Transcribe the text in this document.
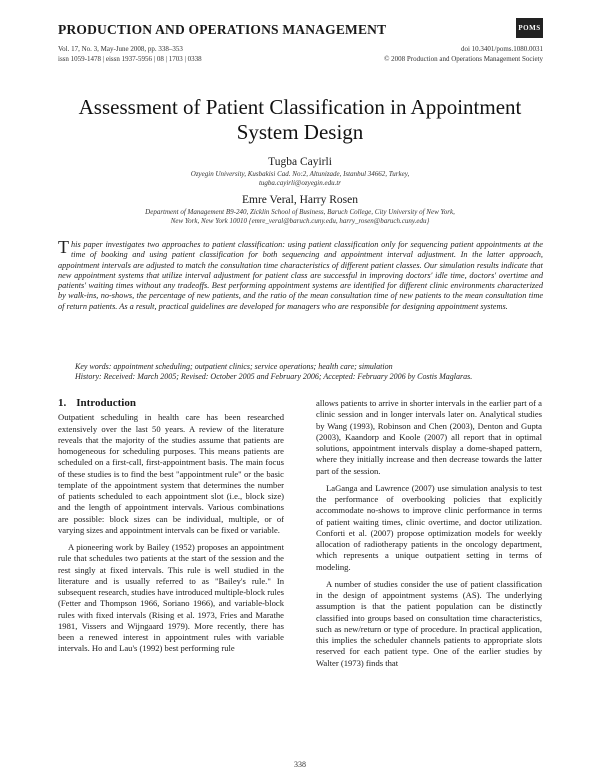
PRODUCTION AND OPERATIONS MANAGEMENT	POMS
Vol. 17, No. 3, May-June 2008, pp. 338–353
issn 1059-1478 | eissn 1937-5956 | 08 | 1703 | 0338
doi 10.3401/poms.1080.0031
© 2008 Production and Operations Management Society
Assessment of Patient Classification in Appointment System Design
Tugba Cayirli
Ozyegin University, Kusbakisi Cad. No:2, Altunizade, Istanbul 34662, Turkey,
tugba.cayirli@ozyegin.edu.tr
Emre Veral, Harry Rosen
Department of Management B9-240, Zicklin School of Business, Baruch College, City University of New York,
New York, New York 10010 {emre_veral@baruch.cuny.edu, harry_rosen@baruch.cuny.edu}
This paper investigates two approaches to patient classification: using patient classification only for sequencing patient appointments at the time of booking and using patient classification for both sequencing and appointment interval adjustment. In the latter approach, appointment intervals are adjusted to match the consultation time characteristics of different patient classes. Our simulation results indicate that new appointment systems that utilize interval adjustment for patient class are successful in improving doctors' idle time, doctors' overtime and patients' waiting times without any tradeoffs. Best performing appointment systems are identified for different clinic environments characterized by walk-ins, no-shows, the percentage of new patients, and the ratio of the mean consultation time of new patients to the mean consultation time of return patients. As a result, practical guidelines are developed for managers who are responsible for designing appointment systems.
Key words: appointment scheduling; outpatient clinics; service operations; health care; simulation
History: Received: March 2005; Revised: October 2005 and February 2006; Accepted: February 2006 by Costis Maglaras.
1. Introduction

Outpatient scheduling in health care has been researched extensively over the last 50 years. A review of the literature reveals that the majority of the studies assume that patients are homogeneous for scheduling purposes. This means patients are scheduled on a first-call, first-appointment basis. The main focus of these studies is to find the best "appointment rule" or the basic template of the appointment system that determines the number of patients scheduled to each appointment slot (i.e., block size) and the length of appointment intervals. Various combinations are possible: block sizes can be individual, multiple, or of varying sizes and appointment intervals can be fixed or variable.

A pioneering work by Bailey (1952) proposes an appointment rule that schedules two patients at the start of the session and the rest singly at fixed intervals. This rule is well studied in the literature and is usually referred to as "Bailey's rule." In subsequent research, studies have introduced multiple-block rules (Fetter and Thompson 1966, Soriano 1966), and variable-block rules with fixed intervals (Rising et al. 1973, Fries and Marathe 1981, Vissers and Wijngaard 1979). More recently, there has been a renewed interest in appointment rules with variable intervals. Ho and Lau's (1992) best performing rule

allows patients to arrive in shorter intervals in the earlier part of a clinic session and in longer intervals later on. Analytical studies by Wang (1993), Robinson and Chen (2003), Denton and Gupta (2003), Kaandorp and Koole (2007) all report that in optimal solutions, appointment intervals display a dome-shaped pattern, where they initially increase and then decrease towards the latter part of the session.

LaGanga and Lawrence (2007) use simulation analysis to test the performance of overbooking policies that explicitly accommodate no-shows to improve clinic performance in terms of patient waiting times, clinic overtime, and doctor utilization. Conforti et al. (2007) propose optimization models for weekly allocation of radiotherapy patients in the oncology department, which represents a unique outpatient setting in terms of modeling.

A number of studies consider the use of patient classification in the design of appointment systems (AS). The underlying assumption is that the patient population can be distinctly classified into groups based on consultation time characteristics, such as new/return or type of procedure. In practical application, this implies the scheduler channels patients to appropriate slots reserved for each patient type. One of the earlier studies by Walter (1973) finds that

338
